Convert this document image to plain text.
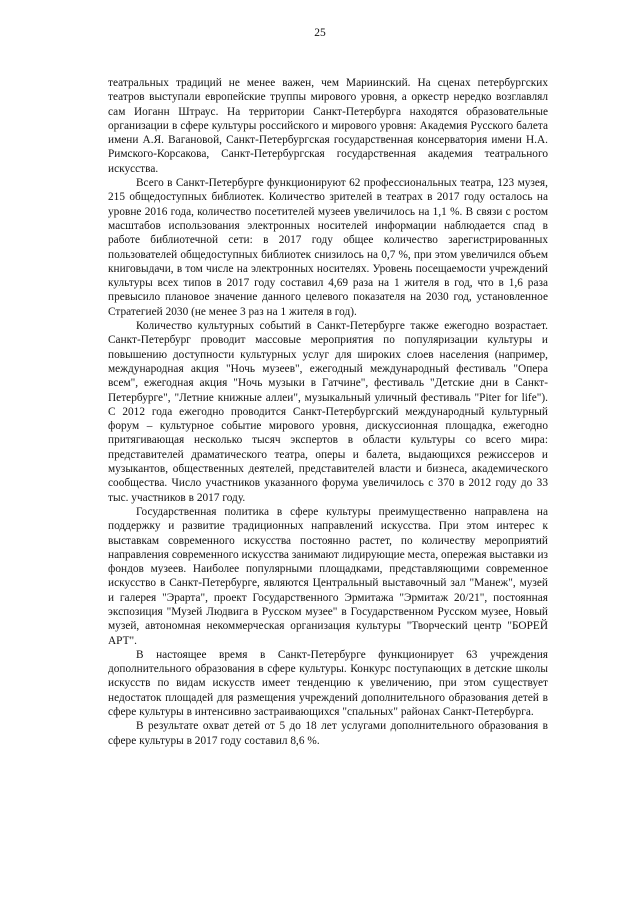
25

театральных традиций не менее важен, чем Мариинский. На сценах петербургских театров выступали европейские труппы мирового уровня, а оркестр нередко возглавлял сам Иоганн Штраус. На территории Санкт-Петербурга находятся образовательные организации в сфере культуры российского и мирового уровня: Академия Русского балета имени А.Я. Вагановой, Санкт-Петербургская государственная консерватория имени Н.А. Римского-Корсакова, Санкт-Петербургская государственная академия театрального искусства.

Всего в Санкт-Петербурге функционируют 62 профессиональных театра, 123 музея, 215 общедоступных библиотек. Количество зрителей в театрах в 2017 году осталось на уровне 2016 года, количество посетителей музеев увеличилось на 1,1 %. В связи с ростом масштабов использования электронных носителей информации наблюдается спад в работе библиотечной сети: в 2017 году общее количество зарегистрированных пользователей общедоступных библиотек снизилось на 0,7 %, при этом увеличился объем книговыдачи, в том числе на электронных носителях. Уровень посещаемости учреждений культуры всех типов в 2017 году составил 4,69 раза на 1 жителя в год, что в 1,6 раза превысило плановое значение данного целевого показателя на 2030 год, установленное Стратегией 2030 (не менее 3 раз на 1 жителя в год).

Количество культурных событий в Санкт-Петербурге также ежегодно возрастает. Санкт-Петербург проводит массовые мероприятия по популяризации культуры и повышению доступности культурных услуг для широких слоев населения (например, международная акция "Ночь музеев", ежегодный международный фестиваль "Опера всем", ежегодная акция "Ночь музыки в Гатчине", фестиваль "Детские дни в Санкт- Петербурге", "Летние книжные аллеи", музыкальный уличный фестиваль "Piter for life"). С 2012 года ежегодно проводится Санкт-Петербургский международный культурный форум – культурное событие мирового уровня, дискуссионная площадка, ежегодно притягивающая несколько тысяч экспертов в области культуры со всего мира: представителей драматического театра, оперы и балета, выдающихся режиссеров и музыкантов, общественных деятелей, представителей власти и бизнеса, академического сообщества. Число участников указанного форума увеличилось с 370 в 2012 году до 33 тыс. участников в 2017 году.

Государственная политика в сфере культуры преимущественно направлена на поддержку и развитие традиционных направлений искусства. При этом интерес к выставкам современного искусства постоянно растет, по количеству мероприятий направления современного искусства занимают лидирующие места, опережая выставки из фондов музеев. Наиболее популярными площадками, представляющими современное искусство в Санкт-Петербурге, являются Центральный выставочный зал "Манеж", музей и галерея "Эрарта", проект Государственного Эрмитажа "Эрмитаж 20/21", постоянная экспозиция "Музей Людвига в Русском музее" в Государственном Русском музее, Новый музей, автономная некоммерческая организация культуры "Творческий центр "БОРЕЙ АРТ".

В настоящее время в Санкт-Петербурге функционирует 63 учреждения дополнительного образования в сфере культуры. Конкурс поступающих в детские школы искусств по видам искусств имеет тенденцию к увеличению, при этом существует недостаток площадей для размещения учреждений дополнительного образования детей в сфере культуры в интенсивно застраивающихся "спальных" районах Санкт-Петербурга.

В результате охват детей от 5 до 18 лет услугами дополнительного образования в сфере культуры в 2017 году составил 8,6 %.
